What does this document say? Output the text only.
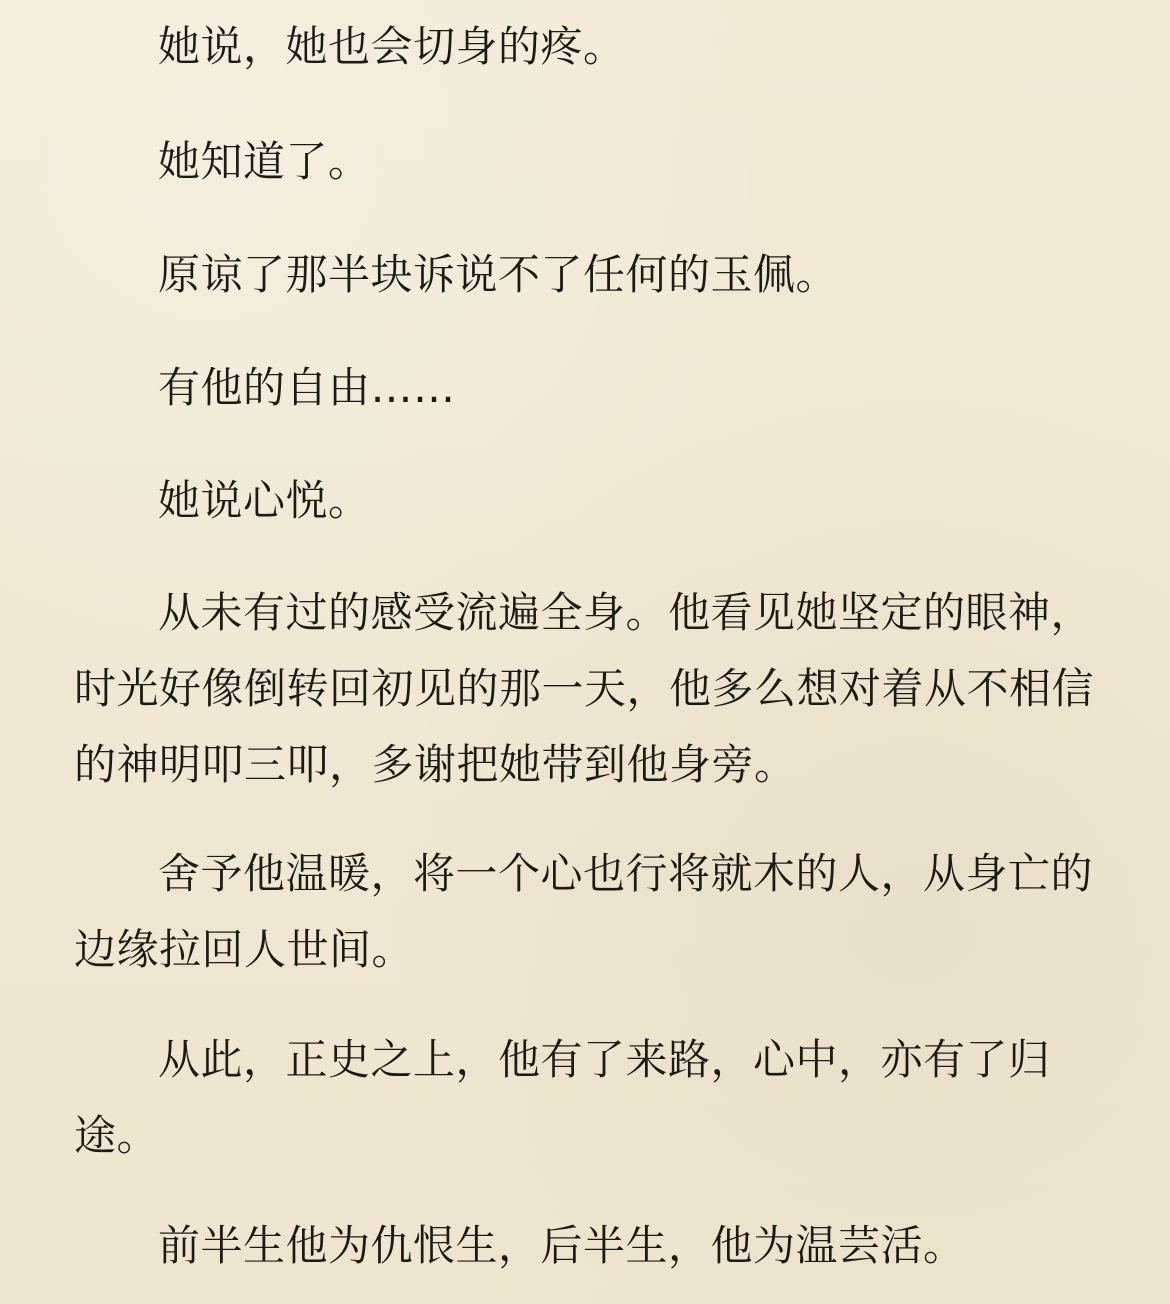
她说，她也会切身的疼。

她知道了。

原谅了那半块诉说不了任何的玉佩。

有他的自由……

她说心悦。

从未有过的感受流遍全身。他看见她坚定的眼神，时光好像倒转回初见的那一天，他多么想对着从不相信的神明叩三叩，多谢把她带到他身旁。

舍予他温暖，将一个心也行将就木的人，从身亡的边缘拉回人世间。

从此，正史之上，他有了来路，心中，亦有了归途。

前半生他为仇恨生，后半生，他为温芸活。
